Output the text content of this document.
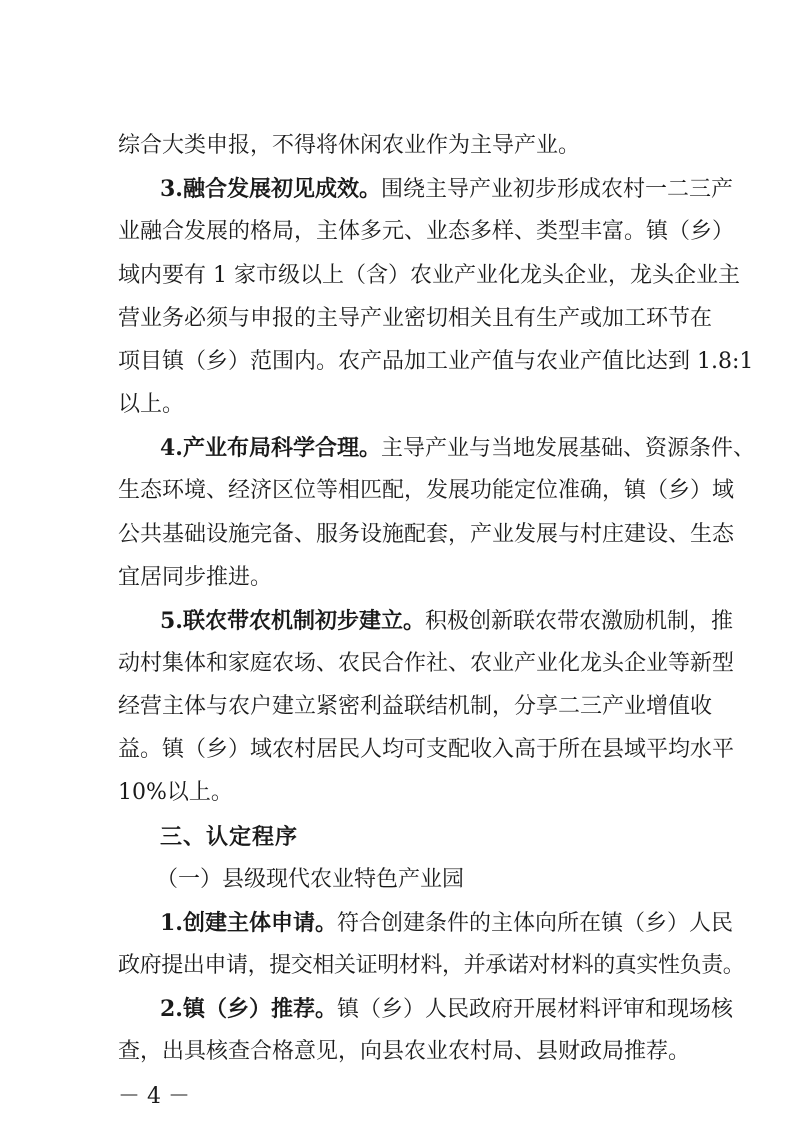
综合大类申报，不得将休闲农业作为主导产业。
3.融合发展初见成效。围绕主导产业初步形成农村一二三产
业融合发展的格局，主体多元、业态多样、类型丰富。镇（乡）
域内要有 1 家市级以上（含）农业产业化龙头企业，龙头企业主
营业务必须与申报的主导产业密切相关且有生产或加工环节在
项目镇（乡）范围内。农产品加工业产值与农业产值比达到 1.8:1
以上。
4.产业布局科学合理。主导产业与当地发展基础、资源条件、
生态环境、经济区位等相匹配，发展功能定位准确，镇（乡）域
公共基础设施完备、服务设施配套，产业发展与村庄建设、生态
宜居同步推进。
5.联农带农机制初步建立。积极创新联农带农激励机制，推
动村集体和家庭农场、农民合作社、农业产业化龙头企业等新型
经营主体与农户建立紧密利益联结机制，分享二三产业增值收
益。镇（乡）域农村居民人均可支配收入高于所在县域平均水平
10%以上。
三、认定程序
（一）县级现代农业特色产业园
1.创建主体申请。符合创建条件的主体向所在镇（乡）人民
政府提出申请，提交相关证明材料，并承诺对材料的真实性负责。
－ 4 －
2.镇（乡）推荐。镇（乡）人民政府开展材料评审和现场核
查，出具核查合格意见，向县农业农村局、县财政局推荐。
